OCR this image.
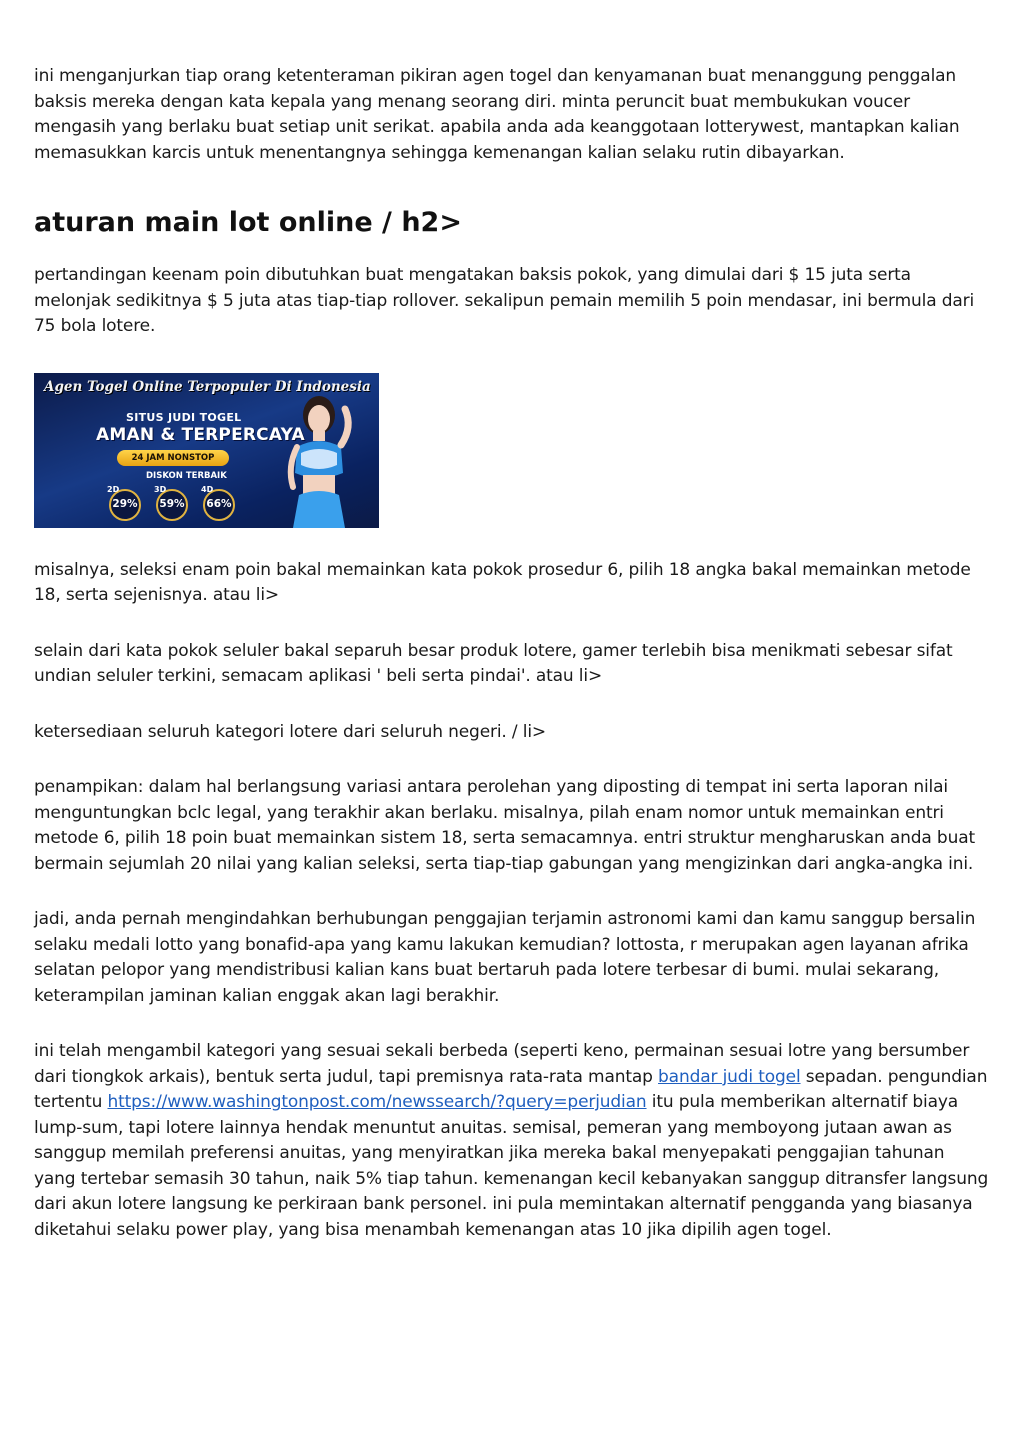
ini menganjurkan tiap orang ketenteraman pikiran agen togel dan kenyamanan buat menanggung penggalan baksis mereka dengan kata kepala yang menang seorang diri. minta peruncit buat membukukan voucer mengasih yang berlaku buat setiap unit serikat. apabila anda ada keanggotaan lotterywest, mantapkan kalian memasukkan karcis untuk menentangnya sehingga kemenangan kalian selaku rutin dibayarkan.

aturan main lot online / h2>

pertandingan keenam poin dibutuhkan buat mengatakan baksis pokok, yang dimulai dari $ 15 juta serta melonjak sedikitnya $ 5 juta atas tiap-tiap rollover. sekalipun pemain memilih 5 poin mendasar, ini bermula dari 75 bola lotere.

Agen Togel Online Terpopuler Di Indonesia
SITUS JUDI TOGEL
AMAN & TERPERCAYA
24 JAM NONSTOP
DISKON TERBAIK
2D
29%
3D
59%
4D
66%

misalnya, seleksi enam poin bakal memainkan kata pokok prosedur 6, pilih 18 angka bakal memainkan metode 18, serta sejenisnya. atau li>

selain dari kata pokok seluler bakal separuh besar produk lotere, gamer terlebih bisa menikmati sebesar sifat undian seluler terkini, semacam aplikasi ' beli serta pindai'. atau li>

ketersediaan seluruh kategori lotere dari seluruh negeri. / li>

penampikan: dalam hal berlangsung variasi antara perolehan yang diposting di tempat ini serta laporan nilai menguntungkan bclc legal, yang terakhir akan berlaku. misalnya, pilah enam nomor untuk memainkan entri metode 6, pilih 18 poin buat memainkan sistem 18, serta semacamnya. entri struktur mengharuskan anda buat bermain sejumlah 20 nilai yang kalian seleksi, serta tiap-tiap gabungan yang mengizinkan dari angka-angka ini.

jadi, anda pernah mengindahkan berhubungan penggajian terjamin astronomi kami dan kamu sanggup bersalin selaku medali lotto yang bonafid-apa yang kamu lakukan kemudian? lottosta, r merupakan agen layanan afrika selatan pelopor yang mendistribusi kalian kans buat bertaruh pada lotere terbesar di bumi. mulai sekarang, keterampilan jaminan kalian enggak akan lagi berakhir.

ini telah mengambil kategori yang sesuai sekali berbeda (seperti keno, permainan sesuai lotre yang bersumber dari tiongkok arkais), bentuk serta judul, tapi premisnya rata-rata mantap bandar judi togel sepadan. pengundian tertentu https://www.washingtonpost.com/newssearch/?query=perjudian itu pula memberikan alternatif biaya lump-sum, tapi lotere lainnya hendak menuntut anuitas. semisal, pemeran yang memboyong jutaan awan as sanggup memilah preferensi anuitas, yang menyiratkan jika mereka bakal menyepakati penggajian tahunan yang tertebar semasih 30 tahun, naik 5% tiap tahun. kemenangan kecil kebanyakan sanggup ditransfer langsung dari akun lotere langsung ke perkiraan bank personel. ini pula memintakan alternatif pengganda yang biasanya diketahui selaku power play, yang bisa menambah kemenangan atas 10 jika dipilih agen togel.
